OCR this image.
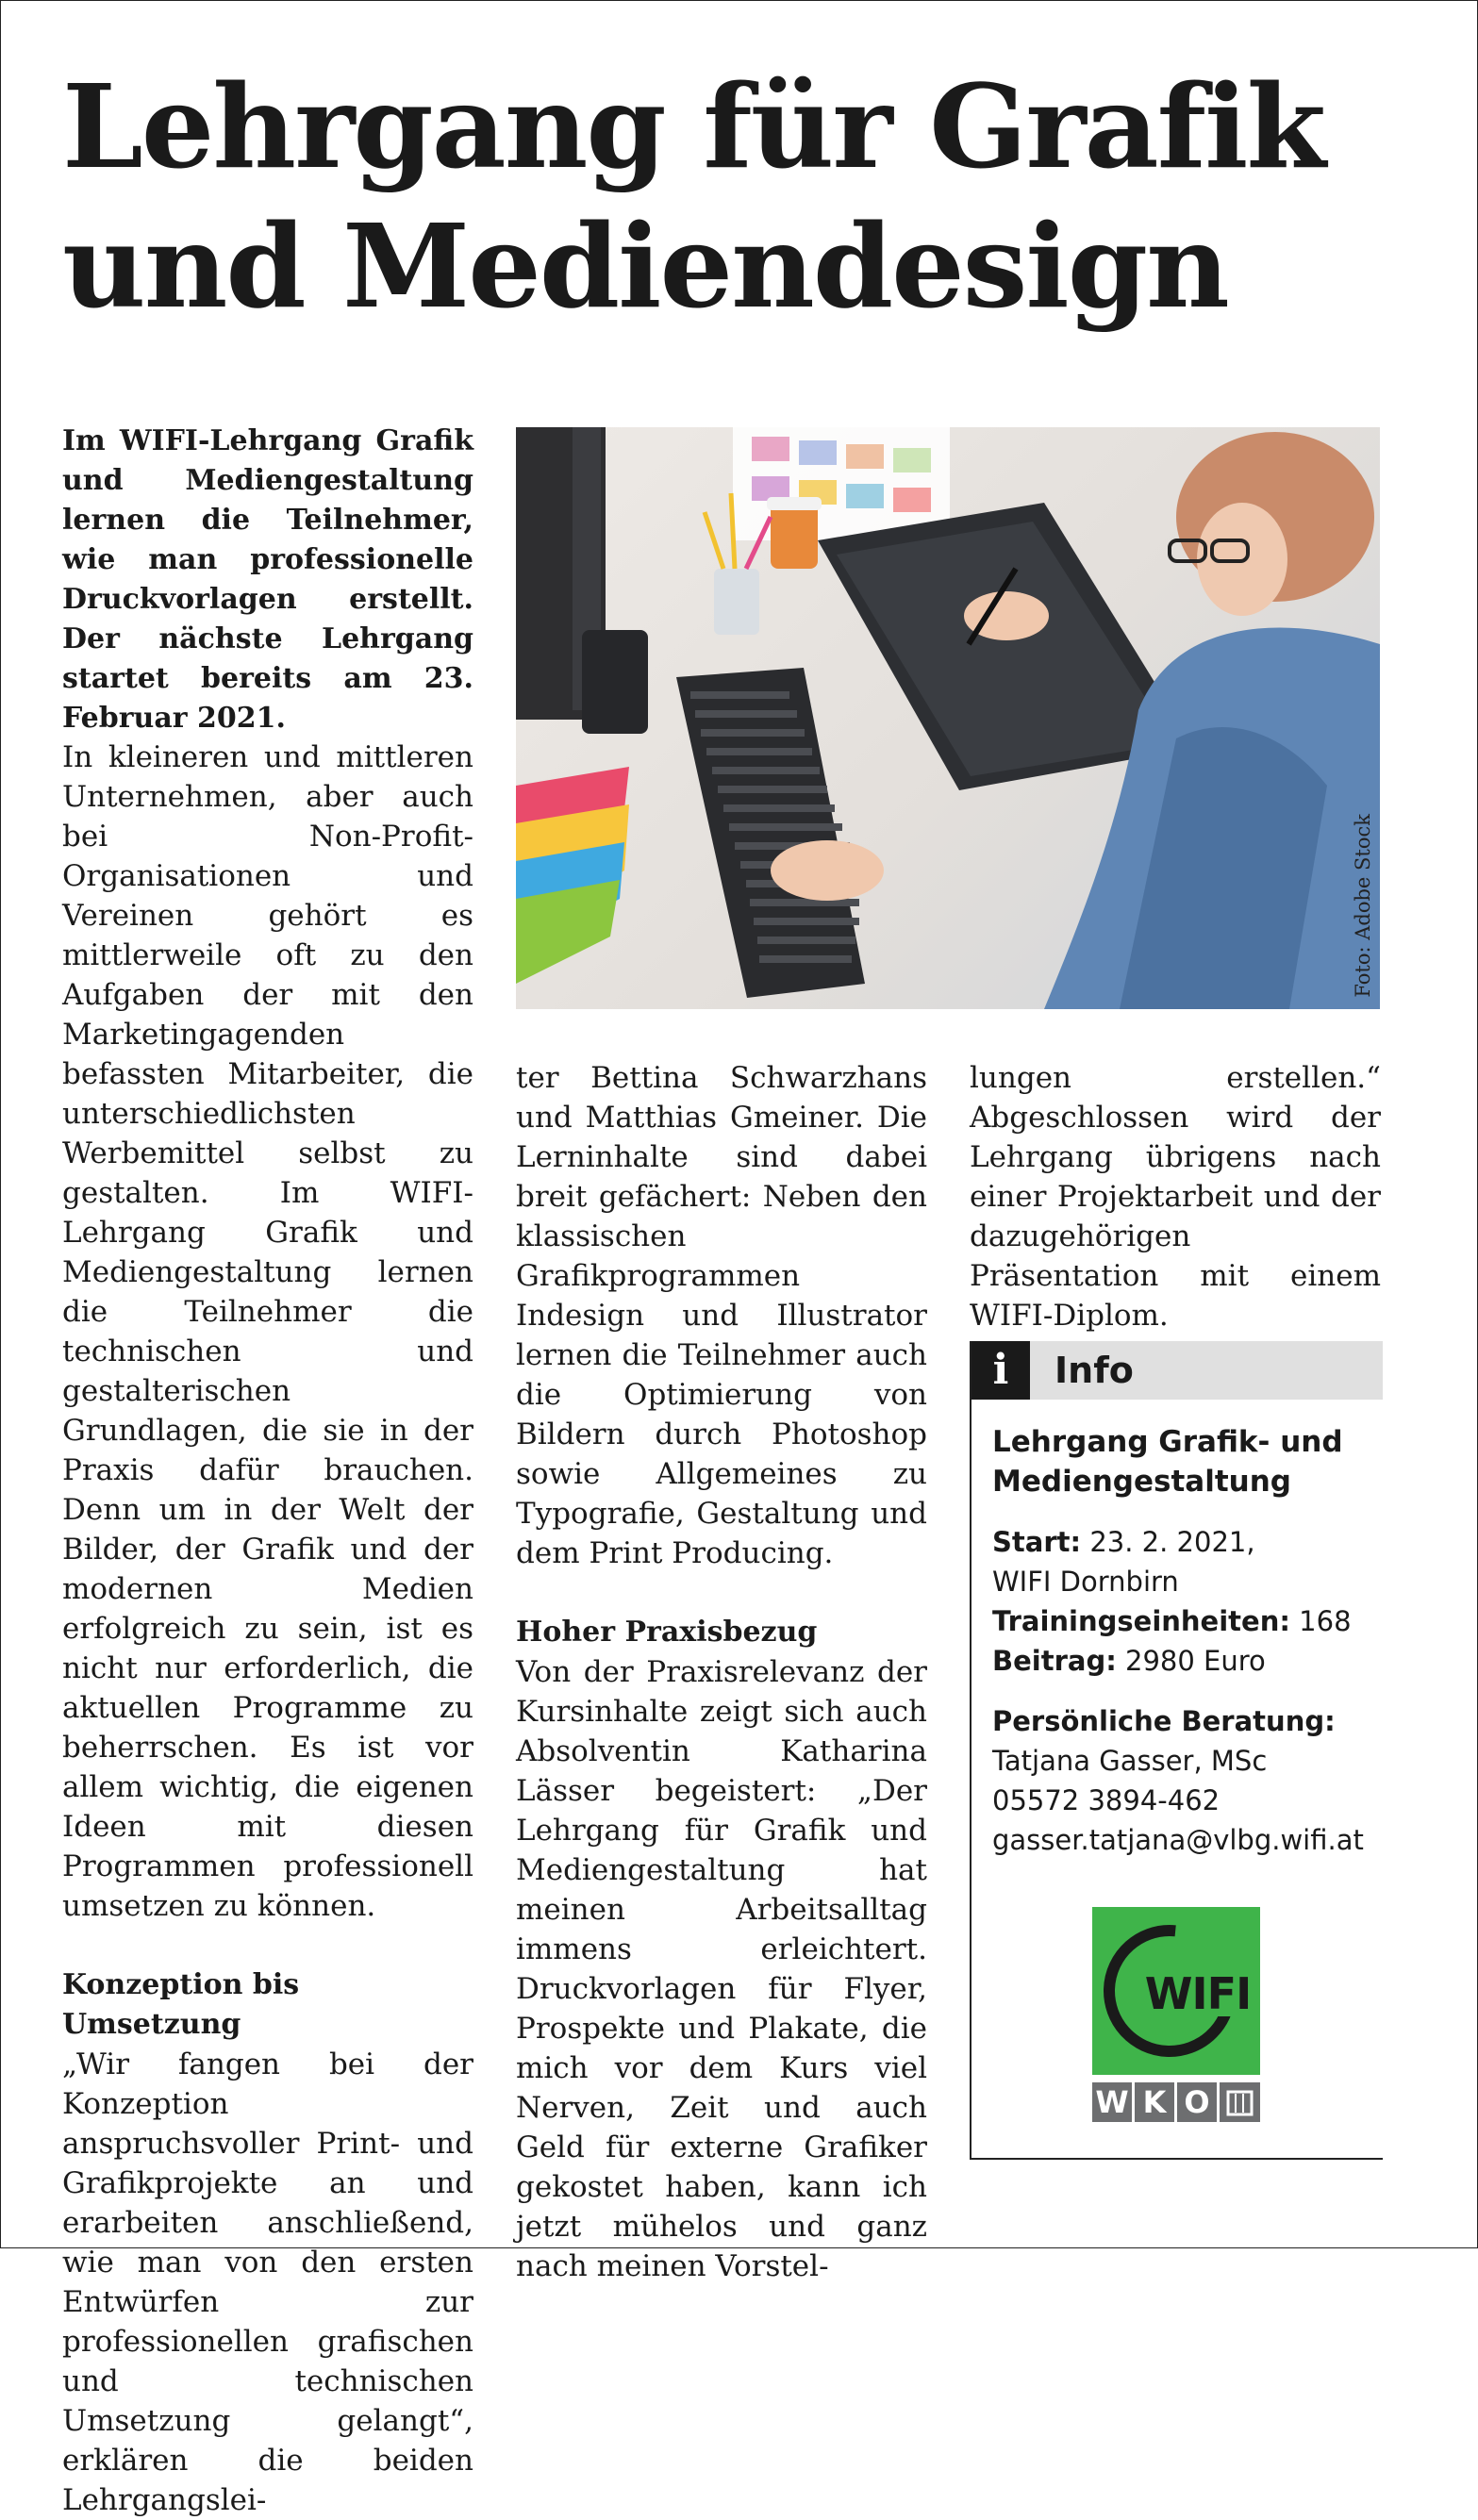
Lehrgang für Grafik und Mediendesign

Im WIFI-Lehrgang Grafik und Mediengestaltung lernen die Teilnehmer, wie man professionelle Druckvorlagen erstellt. Der nächste Lehrgang startet bereits am 23. Februar 2021.

Foto: Adobe Stock

In kleineren und mittleren Unternehmen, aber auch bei Non-Profit-Organisationen und Vereinen gehört es mittlerweile oft zu den Aufgaben der mit den Marketingagenden befassten Mitarbeiter, die unterschiedlichsten Werbemittel selbst zu gestalten. Im WIFI-Lehrgang Grafik und Mediengestaltung lernen die Teilnehmer die technischen und gestalterischen Grundlagen, die sie in der Praxis dafür brauchen. Denn um in der Welt der Bilder, der Grafik und der modernen Medien erfolgreich zu sein, ist es nicht nur erforderlich, die aktuellen Programme zu beherrschen. Es ist vor allem wichtig, die eigenen Ideen mit diesen Programmen professionell umsetzen zu können.

Konzeption bis Umsetzung

„Wir fangen bei der Konzeption anspruchsvoller Print- und Grafikprojekte an und erarbeiten anschließend, wie man von den ersten Entwürfen zur professionellen grafischen und technischen Umsetzung gelangt“, erklären die beiden Lehrgangslei-

ter Bettina Schwarzhans und Matthias Gmeiner. Die Lerninhalte sind dabei breit gefächert: Neben den klassischen Grafikprogrammen Indesign und Illustrator lernen die Teilnehmer auch die Optimierung von Bildern durch Photoshop sowie Allgemeines zu Typografie, Gestaltung und dem Print Producing.

Hoher Praxisbezug

Von der Praxisrelevanz der Kursinhalte zeigt sich auch Absolventin Katharina Lässer begeistert: „Der Lehrgang für Grafik und Mediengestaltung hat meinen Arbeitsalltag immens erleichtert. Druckvorlagen für Flyer, Prospekte und Plakate, die mich vor dem Kurs viel Nerven, Zeit und auch Geld für externe Grafiker gekostet haben, kann ich jetzt mühelos und ganz nach meinen Vorstel-

lungen erstellen.“ Abgeschlossen wird der Lehrgang übrigens nach einer Projektarbeit und der dazugehörigen Präsentation mit einem WIFI-Diplom.

i	Info

Lehrgang Grafik- und Mediengestaltung

Start: 23. 2. 2021,

WIFI Dornbirn

Trainingseinheiten: 168

Beitrag: 2980 Euro

Persönliche Beratung:

Tatjana Gasser, MSc

05572 3894-462

gasser.tatjana@vlbg.wifi.at

WIFI
W K O
